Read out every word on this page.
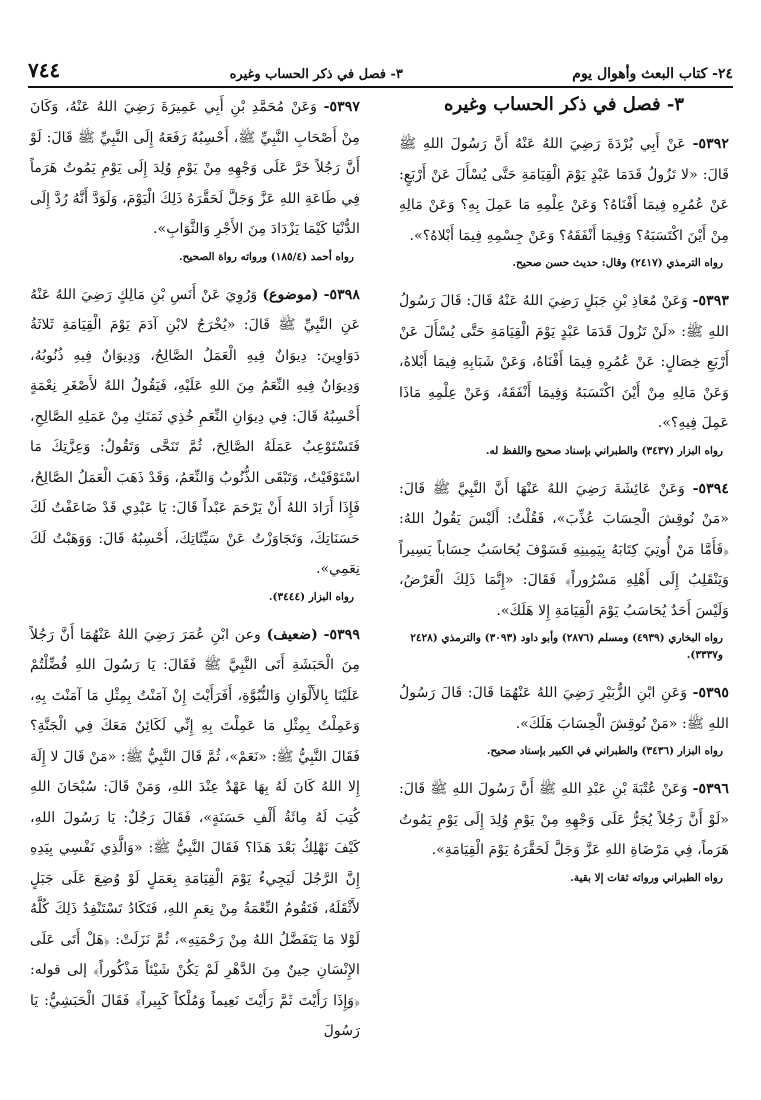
٢٤- كتاب البعث وأهوال يوم
٣- فصل في ذكر الحساب وغيره
٧٤٤
٣- فصل في ذكر الحساب وغيره

٥٣٩٢- عَنْ أَبِي بُرْدَةَ رَضِيَ اللهُ عَنْهُ أَنَّ رَسُولَ اللهِ ﷺ قَالَ: «لا تَزُولُ قَدَمَا عَبْدٍ يَوْمَ الْقِيَامَةِ حَتَّى يُسْأَلَ عَنْ أَرْبَعٍ: عَنْ عُمُرِهِ فِيمَا أَفْنَاهُ؟ وَعَنْ عِلْمِهِ مَا عَمِلَ بِهِ؟ وَعَنْ مَالِهِ مِنْ أَيْنَ اكْتَسَبَهُ؟ وَفِيمَا أَنْفَقَهُ؟ وَعَنْ جِسْمِهِ فِيمَا أَبْلاهُ؟».

رواه الترمذي (٢٤١٧) وقال: حديث حسن صحيح.

٥٣٩٣- وَعَنْ مُعَاذِ بْنِ جَبَلٍ رَضِيَ اللهُ عَنْهُ قَالَ: قَالَ رَسُولُ اللهِ ﷺ: «لَنْ تَزُولَ قَدَمَا عَبْدٍ يَوْمَ الْقِيَامَةِ حَتَّى يُسْأَلَ عَنْ أَرْبَعِ خِصَالٍ: عَنْ عُمُرِهِ فِيمَا أَفْنَاهُ، وَعَنْ شَبَابِهِ فِيمَا أَبْلاهُ، وَعَنْ مَالِهِ مِنْ أَيْنَ اكْتَسَبَهُ وَفِيمَا أَنْفَقَهُ، وَعَنْ عِلْمِهِ مَاذَا عَمِلَ فِيهِ؟».

رواه البزار (٣٤٣٧) والطبراني بإسناد صحيح واللفظ له.

٥٣٩٤- وَعَنْ عَائِشَةَ رَضِيَ اللهُ عَنْهَا أَنَّ النَّبِيَّ ﷺ قَالَ: «مَنْ نُوقِشَ الْحِسَابَ عُذِّبَ»، فَقُلْتُ: أَلَيْسَ يَقُولُ اللهُ: ﴿فَأَمَّا مَنْ أُوتِيَ كِتَابَهُ بِيَمِينِهِ فَسَوْفَ يُحَاسَبُ حِسَاباً يَسِيراً وَيَنْقَلِبُ إِلَى أَهْلِهِ مَسْرُوراً﴾ فَقَالَ: «إِنَّمَا ذَلِكَ الْعَرْضُ، وَلَيْسَ أَحَدٌ يُحَاسَبُ يَوْمَ الْقِيَامَةِ إِلا هَلَكَ».

رواه البخاري (٤٩٣٩) ومسلم (٢٨٧٦) وأبو داود (٣٠٩٣) والترمذي (٢٤٢٨ و٣٣٣٧).

٥٣٩٥- وَعَنِ ابْنِ الزُّبَيْرِ رَضِيَ اللهُ عَنْهُمَا قَالَ: قَالَ رَسُولُ اللهِ ﷺ: «مَنْ نُوقِشَ الْحِسَابَ هَلَكَ».

رواه البزار (٣٤٣٦) والطبراني في الكبير بإسناد صحيح.

٥٣٩٦- وَعَنْ عُتْبَةَ بْنِ عَبْدِ اللهِ ﷺ أَنَّ رَسُولَ اللهِ ﷺ قَالَ: «لَوْ أَنَّ رَجُلاً يُجَرُّ عَلَى وَجْهِهِ مِنْ يَوْمِ وُلِدَ إِلَى يَوْمِ يَمُوتُ هَرَماً، فِي مَرْضَاةِ اللهِ عَزَّ وَجَلَّ لَحَقَّرَهُ يَوْمَ الْقِيَامَةِ».

رواه الطبراني ورواته ثقات إلا بقية.

٥٣٩٧- وَعَنْ مُحَمَّدِ بْنِ أَبِي عَمِيرَةَ رَضِيَ اللهُ عَنْهُ، وَكَانَ مِنْ أَصْحَابِ النَّبِيِّ ﷺ، أَحْسِبُهُ رَفَعَهُ إِلَى النَّبِيِّ ﷺ قَالَ: لَوْ أَنَّ رَجُلاً خَرَّ عَلَى وَجْهِهِ مِنْ يَوْمِ وُلِدَ إِلَى يَوْمِ يَمُوتُ هَرَماً فِي طَاعَةِ اللهِ عَزَّ وَجَلَّ لَحَقَّرَهُ ذَلِكَ الْيَوْمَ، وَلَوَدَّ أَنَّهُ رُدَّ إِلَى الدُّنْيَا كَيْمَا يَزْدَادَ مِنَ الأَجْرِ وَالثَّوَابِ».

رواه أحمد (١٨٥/٤) ورواته رواة الصحيح.

٥٣٩٨- (موضوع) وَرُوِيَ عَنْ أَنَسِ بْنِ مَالِكٍ رَضِيَ اللهُ عَنْهُ عَنِ النَّبِيِّ ﷺ قَالَ: «يُخْرَجُ لابْنِ آدَمَ يَوْمَ الْقِيَامَةِ ثَلاثَةُ دَوَاوِينَ: دِيوَانٌ فِيهِ الْعَمَلُ الصَّالِحُ، وَدِيوَانٌ فِيهِ ذُنُوبُهُ، وَدِيوَانٌ فِيهِ النِّعَمُ مِنَ اللهِ عَلَيْهِ، فَيَقُولُ اللهُ لأَصْغَرِ نِعْمَةٍ أَحْسِبُهُ قَالَ: فِي دِيوَانِ النِّعَمِ خُذِي ثَمَنَكِ مِنْ عَمَلِهِ الصَّالِحِ، فَتَسْتَوْعِبُ عَمَلَهُ الصَّالِحَ، ثُمَّ تَنَحَّى وَتَقُولُ: وَعِزَّتِكَ مَا اسْتَوْفَيْتُ، وَتَبْقَى الذُّنُوبُ وَالنِّعَمُ، وَقَدْ ذَهَبَ الْعَمَلُ الصَّالِحُ، فَإِذَا أَرَادَ اللهُ أَنْ يَرْحَمَ عَبْداً قَالَ: يَا عَبْدِي قَدْ ضَاعَفْتُ لَكَ حَسَنَاتِكَ، وَتَجَاوَزْتُ عَنْ سَيِّئَاتِكَ، أَحْسِبُهُ قَالَ: وَوَهَبْتُ لَكَ نِعَمِي».

رواه البزار (٣٤٤٤).

٥٣٩٩- (ضعيف) وعن ابْنِ عُمَرَ رَضِيَ اللهُ عَنْهُمَا أَنَّ رَجُلاً مِنَ الْحَبَشَةِ أَتَى النَّبِيَّ ﷺ فَقَالَ: يَا رَسُولَ اللهِ فُضِّلْتُمْ عَلَيْنَا بِالأَلْوَانِ وَالنُّبُوَّةِ، أَفَرَأَيْتَ إِنْ آمَنْتُ بِمِثْلِ مَا آمَنْتَ بِهِ، وَعَمِلْتُ بِمِثْلِ مَا عَمِلْتَ بِهِ إِنِّي لَكَائِنٌ مَعَكَ فِي الْجَنَّةِ؟ فَقَالَ النَّبِيُّ ﷺ: «نَعَمْ»، ثُمَّ قَالَ النَّبِيُّ ﷺ: «مَنْ قَالَ لا إِلَهَ إِلا اللهُ كَانَ لَهُ بِهَا عَهْدٌ عِنْدَ اللهِ، وَمَنْ قَالَ: سُبْحَانَ اللهِ كُتِبَ لَهُ مِائَةُ أَلْفِ حَسَنَةٍ»، فَقَالَ رَجُلٌ: يَا رَسُولَ اللهِ، كَيْفَ نَهْلِكُ بَعْدَ هَذَا؟ فَقَالَ النَّبِيُّ ﷺ: «وَالَّذِي نَفْسِي بِيَدِهِ إِنَّ الرَّجُلَ لَيَجِيءُ يَوْمَ الْقِيَامَةِ بِعَمَلٍ لَوْ وُضِعَ عَلَى جَبَلٍ لأَثْقَلَهُ، فَتَقُومُ النِّعْمَةُ مِنْ نِعَمِ اللهِ، فَتَكَادُ تَسْتَنْفِدُ ذَلِكَ كُلَّهُ لَوْلا مَا يَتَفَضَّلُ اللهُ مِنْ رَحْمَتِهِ»، ثُمَّ نَزَلَتْ: ﴿هَلْ أَتَى عَلَى الإِنْسَانِ حِينٌ مِنَ الدَّهْرِ لَمْ يَكُنْ شَيْئاً مَذْكُوراً﴾ إلى قوله: ﴿وَإِذَا رَأَيْتَ ثَمَّ رَأَيْتَ نَعِيماً وَمُلْكاً كَبِيراً﴾ فَقَالَ الْحَبَشِيُّ: يَا رَسُولَ
